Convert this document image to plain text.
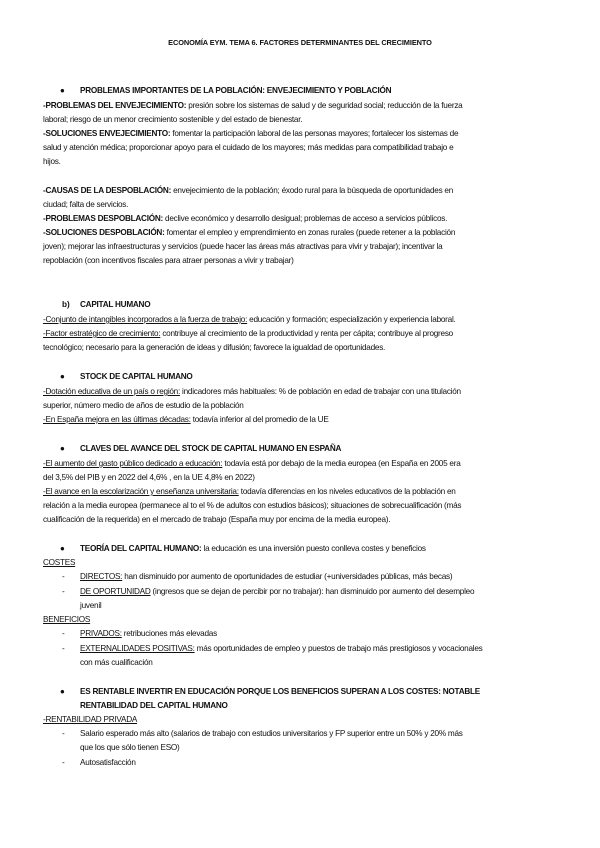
ECONOMÍA EYM. TEMA 6. FACTORES DETERMINANTES DEL CRECIMIENTO
● PROBLEMAS IMPORTANTES DE LA POBLACIÓN: ENVEJECIMIENTO Y POBLACIÓN
-PROBLEMAS DEL ENVEJECIMIENTO: presión sobre los sistemas de salud y de seguridad social; reducción de la fuerza
laboral; riesgo de un menor crecimiento sostenible y del estado de bienestar.
-SOLUCIONES ENVEJECIMIENTO: fomentar la participación laboral de las personas mayores; fortalecer los sistemas de
salud y atención médica; proporcionar apoyo para el cuidado de los mayores; más medidas para compatibilidad trabajo e
hijos.
-CAUSAS DE LA DESPOBLACIÓN: envejecimiento de la población; éxodo rural para la búsqueda de oportunidades en
ciudad; falta de servicios.
-PROBLEMAS DESPOBLACIÓN: declive económico y desarrollo desigual; problemas de acceso a servicios públicos.
-SOLUCIONES DESPOBLACIÓN: fomentar el empleo y emprendimiento en zonas rurales (puede retener a la población
joven); mejorar las infraestructuras y servicios (puede hacer las áreas más atractivas para vivir y trabajar); incentivar la
repoblación (con incentivos fiscales para atraer personas a vivir y trabajar)
b) CAPITAL HUMANO
-Conjunto de intangibles incorporados a la fuerza de trabajo: educación y formación; especialización y experiencia laboral.
-Factor estratégico de crecimiento: contribuye al crecimiento de la productividad y renta per cápita; contribuye al progreso
tecnológico; necesario para la generación de ideas y difusión; favorece la igualdad de oportunidades.
● STOCK DE CAPITAL HUMANO
-Dotación educativa de un país o región: indicadores más habituales: % de población en edad de trabajar con una titulación
superior, número medio de años de estudio de la población
-En España mejora en las últimas décadas: todavía inferior al del promedio de la UE
● CLAVES DEL AVANCE DEL STOCK DE CAPITAL HUMANO EN ESPAÑA
-El aumento del gasto público dedicado a educación: todavía está por debajo de la media europea (en España en 2005 era
del 3,5% del PIB y en 2022 del 4,6% , en la UE 4,8% en 2022)
-El avance en la escolarización y enseñanza universitaria: todavía diferencias en los niveles educativos de la población en
relación a la media europea (permanece al to el % de adultos con estudios básicos); situaciones de sobrecualificación (más
cualificación de la requerida) en el mercado de trabajo (España muy por encima de la media europea).
● TEORÍA DEL CAPITAL HUMANO: la educación es una inversión puesto conlleva costes y beneficios
COSTES
- DIRECTOS: han disminuido por aumento de oportunidades de estudiar (+universidades públicas, más becas)
- DE OPORTUNIDAD (ingresos que se dejan de percibir por no trabajar): han disminuido por aumento del desempleo
juvenil
BENEFICIOS
- PRIVADOS: retribuciones más elevadas
- EXTERNALIDADES POSITIVAS: más oportunidades de empleo y puestos de trabajo más prestigiosos y vocacionales
con más cualificación
● ES RENTABLE INVERTIR EN EDUCACIÓN PORQUE LOS BENEFICIOS SUPERAN A LOS COSTES: NOTABLE
RENTABILIDAD DEL CAPITAL HUMANO
-RENTABILIDAD PRIVADA
- Salario esperado más alto (salarios de trabajo con estudios universitarios y FP superior entre un 50% y 20% más
que los que sólo tienen ESO)
- Autosatisfacción
